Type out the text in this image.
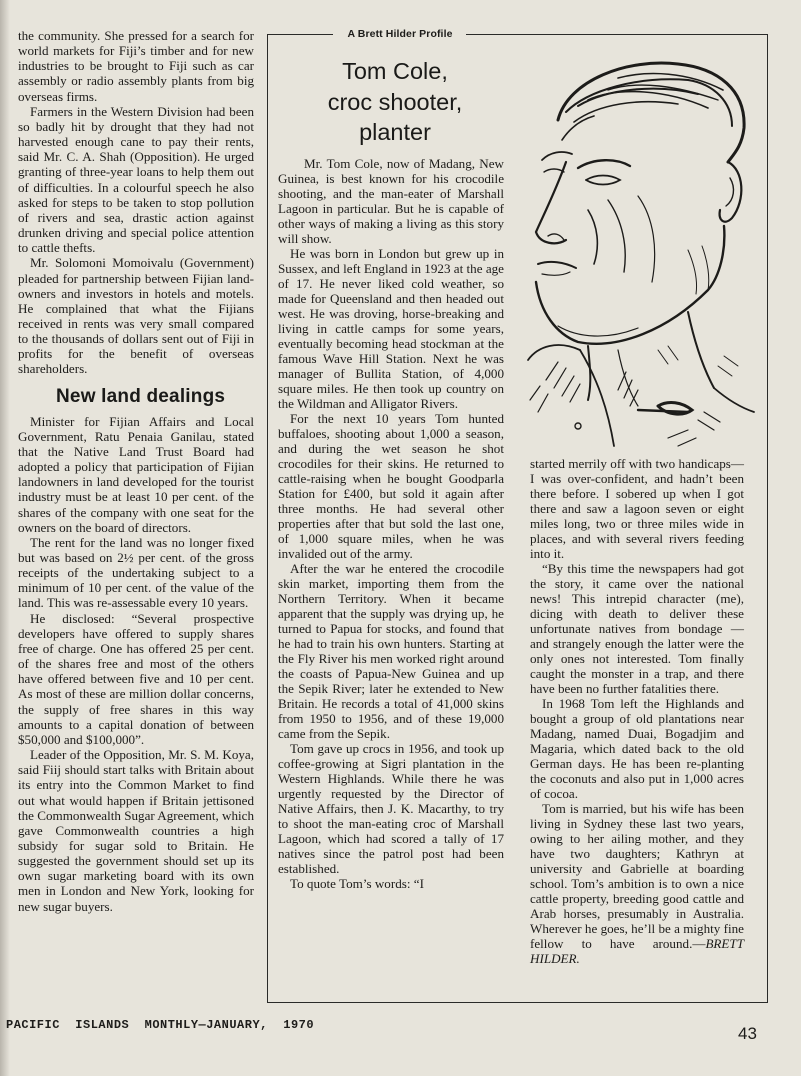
the community. She pressed for a search for world markets for Fiji’s timber and for new industries to be brought to Fiji such as car assembly or radio assembly plants from big overseas firms.

Farmers in the Western Division had been so badly hit by drought that they had not harvested enough cane to pay their rents, said Mr. C. A. Shah (Opposition). He urged granting of three-year loans to help them out of difficulties. In a colourful speech he also asked for steps to be taken to stop pollution of rivers and sea, drastic action against drunken driving and special police attention to cattle thefts.

Mr. Solomoni Momoivalu (Government) pleaded for partnership between Fijian land-owners and investors in hotels and motels. He complained that what the Fijians received in rents was very small compared to the thousands of dollars sent out of Fiji in profits for the benefit of overseas shareholders.

New land dealings

Minister for Fijian Affairs and Local Government, Ratu Penaia Ganilau, stated that the Native Land Trust Board had adopted a policy that participation of Fijian landowners in land developed for the tourist industry must be at least 10 per cent. of the shares of the company with one seat for the owners on the board of directors.

The rent for the land was no longer fixed but was based on 2½ per cent. of the gross receipts of the undertaking subject to a minimum of 10 per cent. of the value of the land. This was re-assessable every 10 years.

He disclosed: “Several prospective developers have offered to supply shares free of charge. One has offered 25 per cent. of the shares free and most of the others have offered between five and 10 per cent. As most of these are million dollar concerns, the supply of free shares in this way amounts to a capital donation of between $50,000 and $100,000”.

Leader of the Opposition, Mr. S. M. Koya, said Fiij should start talks with Britain about its entry into the Common Market to find out what would happen if Britain jettisoned the Commonwealth Sugar Agreement, which gave Commonwealth countries a high subsidy for sugar sold to Britain. He suggested the government should set up its own sugar marketing board with its own men in London and New York, looking for new sugar buyers.

A Brett Hilder Profile
Tom Cole,
croc shooter,
planter

Mr. Tom Cole, now of Madang, New Guinea, is best known for his crocodile shooting, and the man-eater of Marshall Lagoon in particular. But he is capable of other ways of making a living as this story will show.

He was born in London but grew up in Sussex, and left England in 1923 at the age of 17. He never liked cold weather, so made for Queensland and then headed out west. He was droving, horse-breaking and living in cattle camps for some years, eventually becoming head stockman at the famous Wave Hill Station. Next he was manager of Bullita Station, of 4,000 square miles. He then took up country on the Wildman and Alligator Rivers.

For the next 10 years Tom hunted buffaloes, shooting about 1,000 a season, and during the wet season he shot crocodiles for their skins. He returned to cattle-raising when he bought Goodparla Station for £400, but sold it again after three months. He had several other properties after that but sold the last one, of 1,000 square miles, when he was invalided out of the army.

After the war he entered the crocodile skin market, importing them from the Northern Territory. When it became apparent that the supply was drying up, he turned to Papua for stocks, and found that he had to train his own hunters. Starting at the Fly River his men worked right around the coasts of Papua-New Guinea and up the Sepik River; later he extended to New Britain. He records a total of 41,000 skins from 1950 to 1956, and of these 19,000 came from the Sepik.

Tom gave up crocs in 1956, and took up coffee-growing at Sigri plantation in the Western Highlands. While there he was urgently requested by the Director of Native Affairs, then J. K. Macarthy, to try to shoot the man-eating croc of Marshall Lagoon, which had scored a tally of 17 natives since the patrol post had been established.

To quote Tom’s words: “I

started merrily off with two handicaps—I was over-confident, and hadn’t been there before. I sobered up when I got there and saw a lagoon seven or eight miles long, two or three miles wide in places, and with several rivers feeding into it.

“By this time the newspapers had got the story, it came over the national news! This intrepid character (me), dicing with death to deliver these unfortunate natives from bondage — and strangely enough the latter were the only ones not interested. Tom finally caught the monster in a trap, and there have been no further fatalities there.

In 1968 Tom left the Highlands and bought a group of old plantations near Madang, named Duai, Bogadjim and Magaria, which dated back to the old German days. He has been re-planting the coconuts and also put in 1,000 acres of cocoa.

Tom is married, but his wife has been living in Sydney these last two years, owing to her ailing mother, and they have two daughters; Kathryn at university and Gabrielle at boarding school. Tom’s ambition is to own a nice cattle property, breeding good cattle and Arab horses, presumably in Australia. Wherever he goes, he’ll be a mighty fine fellow to have around.—BRETT HILDER.

PACIFIC  ISLANDS  MONTHLY—JANUARY,  1970	43
